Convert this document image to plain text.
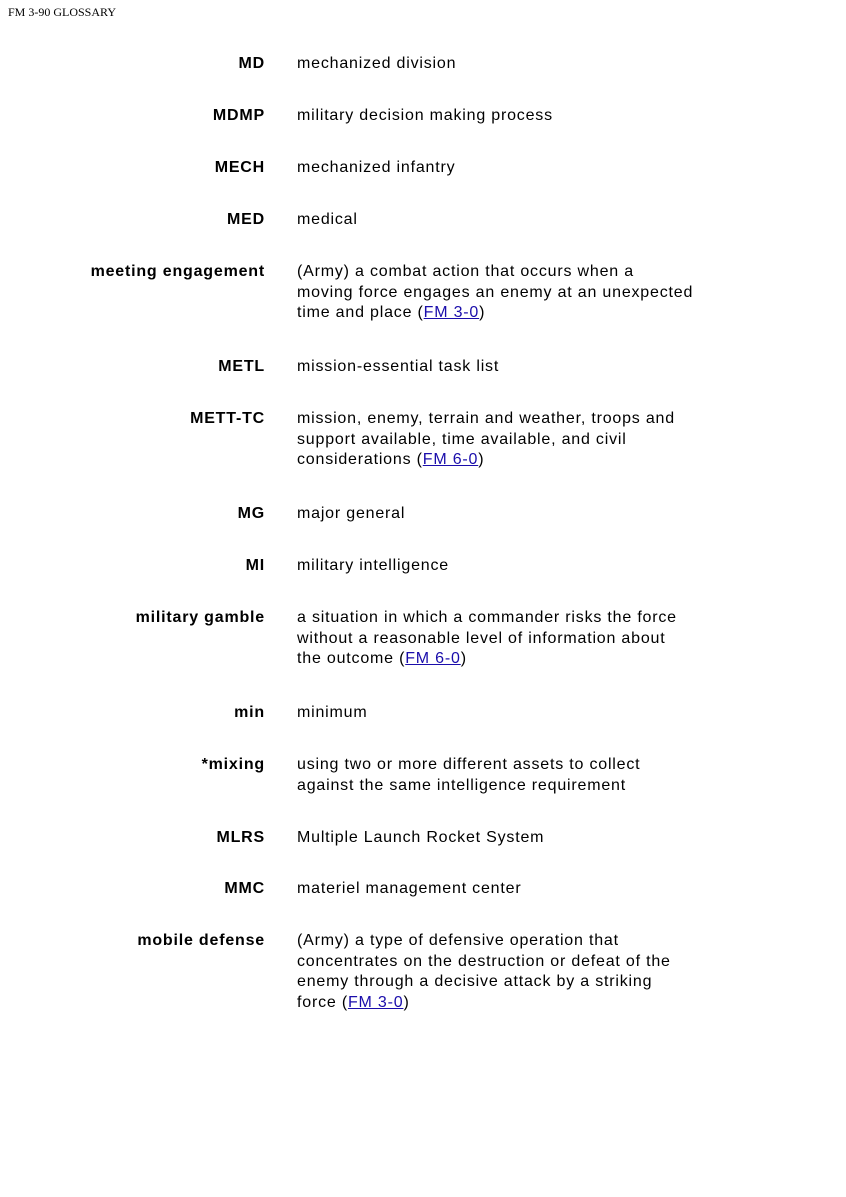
FM 3-90 GLOSSARY
MD mechanized division
MDMP military decision making process
MECH mechanized infantry
MED medical
meeting engagement (Army) a combat action that occurs when a
moving force engages an enemy at an unexpected
time and place (FM 3-0)
METL mission-essential task list
METT-TC mission, enemy, terrain and weather, troops and
support available, time available, and civil
considerations (FM 6-0)
MG major general
MI military intelligence
military gamble a situation in which a commander risks the force
without a reasonable level of information about
the outcome (FM 6-0)
min minimum
*mixing using two or more different assets to collect
against the same intelligence requirement
MLRS Multiple Launch Rocket System
MMC materiel management center
mobile defense (Army) a type of defensive operation that
concentrates on the destruction or defeat of the
enemy through a decisive attack by a striking
force (FM 3-0)
